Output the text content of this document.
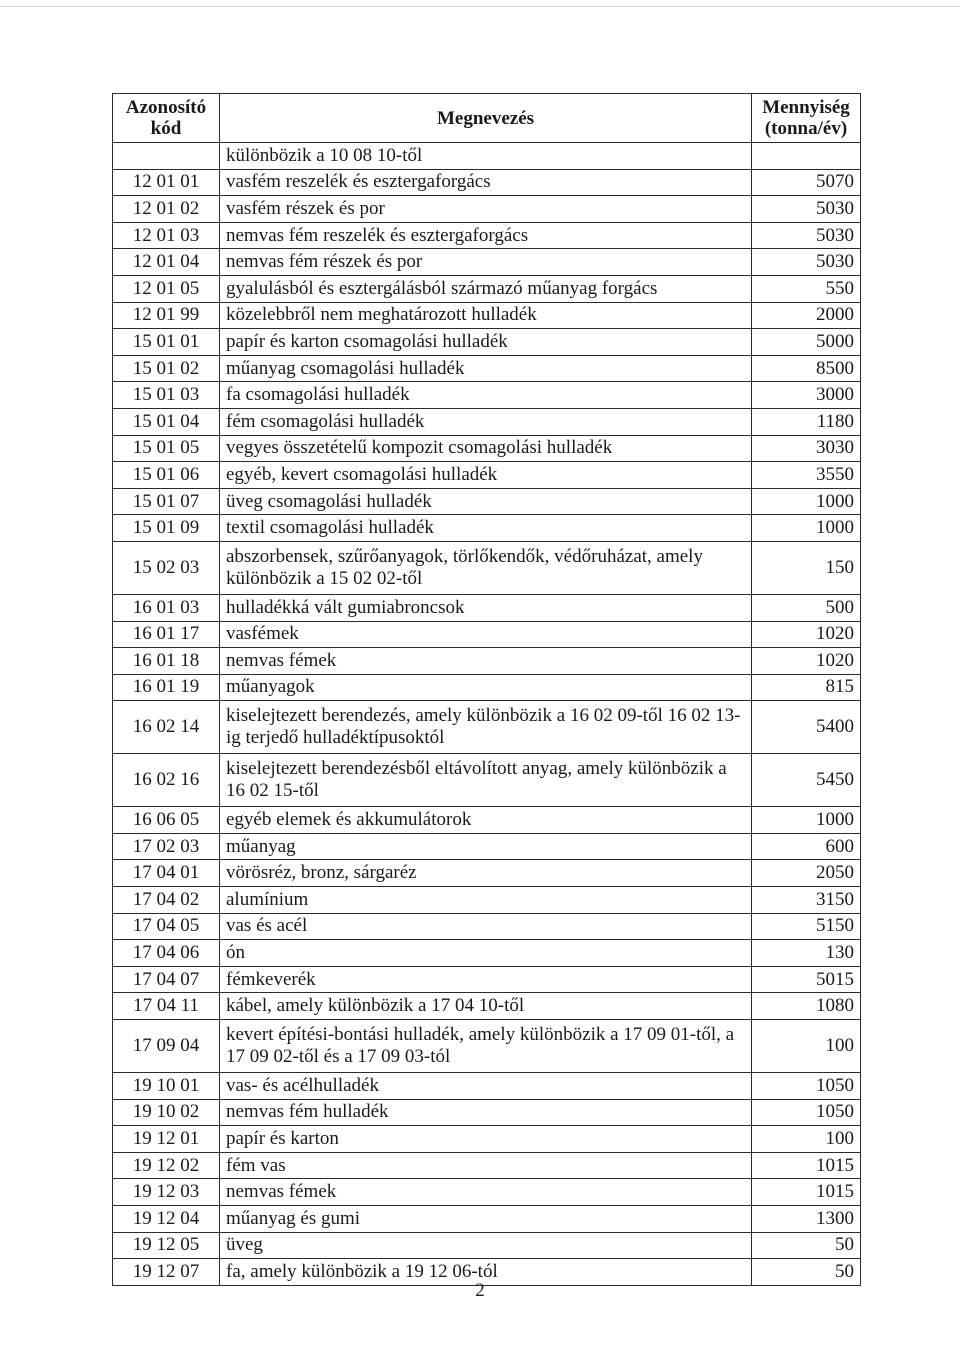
Azonosító kód	Megnevezés	Mennyiség (tonna/év)
	különbözik a 10 08 10-től	
12 01 01	vasfém reszelék és esztergaforgács	5070
12 01 02	vasfém részek és por	5030
12 01 03	nemvas fém reszelék és esztergaforgács	5030
12 01 04	nemvas fém részek és por	5030
12 01 05	gyalulásból és esztergálásból származó műanyag forgács	550
12 01 99	közelebbről nem meghatározott hulladék	2000
15 01 01	papír és karton csomagolási hulladék	5000
15 01 02	műanyag csomagolási hulladék	8500
15 01 03	fa csomagolási hulladék	3000
15 01 04	fém csomagolási hulladék	1180
15 01 05	vegyes összetételű kompozit csomagolási hulladék	3030
15 01 06	egyéb, kevert csomagolási hulladék	3550
15 01 07	üveg csomagolási hulladék	1000
15 01 09	textil csomagolási hulladék	1000
15 02 03	abszorbensek, szűrőanyagok, törlőkendők, védőruházat, amely különbözik a 15 02 02-től	150
16 01 03	hulladékká vált gumiabroncsok	500
16 01 17	vasfémek	1020
16 01 18	nemvas fémek	1020
16 01 19	műanyagok	815
16 02 14	kiselejtezett berendezés, amely különbözik a 16 02 09-től 16 02 13-ig terjedő hulladéktípusoktól	5400
16 02 16	kiselejtezett berendezésből eltávolított anyag, amely különbözik a 16 02 15-től	5450
16 06 05	egyéb elemek és akkumulátorok	1000
17 02 03	műanyag	600
17 04 01	vörösréz, bronz, sárgaréz	2050
17 04 02	alumínium	3150
17 04 05	vas és acél	5150
17 04 06	ón	130
17 04 07	fémkeverék	5015
17 04 11	kábel, amely különbözik a 17 04 10-től	1080
17 09 04	kevert építési-bontási hulladék, amely különbözik a 17 09 01-től, a 17 09 02-től és a 17 09 03-tól	100
19 10 01	vas- és acélhulladék	1050
19 10 02	nemvas fém hulladék	1050
19 12 01	papír és karton	100
19 12 02	fém vas	1015
19 12 03	nemvas fémek	1015
19 12 04	műanyag és gumi	1300
19 12 05	üveg	50
19 12 07	fa, amely különbözik a 19 12 06-tól	50
2
